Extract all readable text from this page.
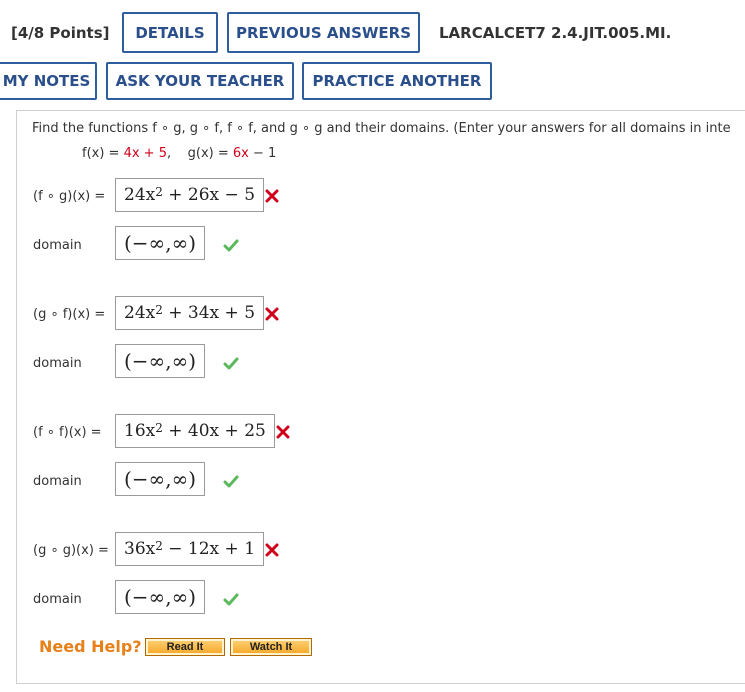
[4/8 Points]	DETAILS	PREVIOUS ANSWERS	LARCALCET7 2.4.JIT.005.MI.
MY NOTES	ASK YOUR TEACHER	PRACTICE ANOTHER
Find the functions f ∘ g, g ∘ f, f ∘ f, and g ∘ g and their domains. (Enter your answers for all domains in inte
f(x) = 4x + 5,    g(x) = 6x − 1
(f ∘ $g)(x) = 24x^2 + 26x - 5$
domain	(−∞,∞)
(g ∘ $f)(x) = 24x^2 + 34x + 5$
domain	(−∞,∞)
(f ∘ $f)(x) = 16x^2 + 40x + 25$
domain	(−∞,∞)
(g ∘ $g)(x) = 36x^2 - 12x + 1$
domain	(−∞,∞)
Need Help?	Read It	Watch It
